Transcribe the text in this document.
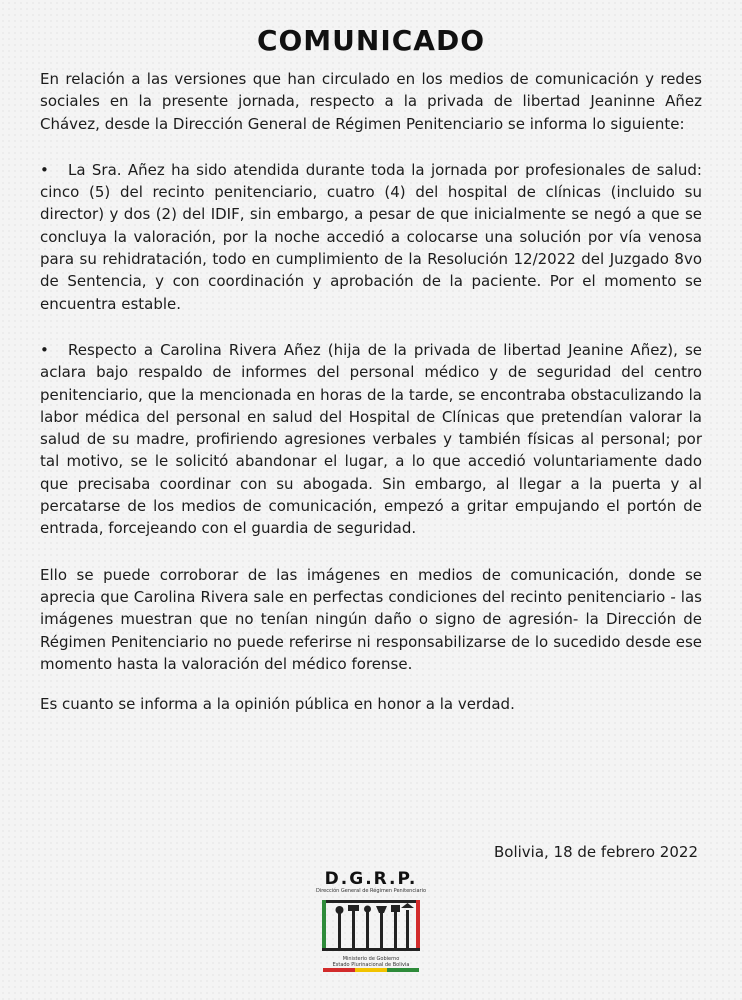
COMUNICADO

En relación a las versiones que han circulado en los medios de comunicación y redes sociales en la presente jornada, respecto a la privada de libertad Jeaninne Añez Chávez, desde la Dirección General de Régimen Penitenciario se informa lo siguiente:

• La Sra. Añez ha sido atendida durante toda la jornada por profesionales de salud: cinco (5) del recinto penitenciario, cuatro (4) del hospital de clínicas (incluido su director) y dos (2) del IDIF, sin embargo, a pesar de que inicialmente se negó a que se concluya la valoración, por la noche accedió a colocarse una solución por vía venosa para su rehidratación, todo en cumplimiento de la Resolución 12/2022 del Juzgado 8vo de Sentencia, y con coordinación y aprobación de la paciente. Por el momento se encuentra estable.

• Respecto a Carolina Rivera Añez (hija de la privada de libertad Jeanine Añez), se aclara bajo respaldo de informes del personal médico y de seguridad del centro penitenciario, que la mencionada en horas de la tarde, se encontraba obstaculizando la labor médica del personal en salud del Hospital de Clínicas que pretendían valorar la salud de su madre, profiriendo agresiones verbales y también físicas al personal; por tal motivo, se le solicitó abandonar el lugar, a lo que accedió voluntariamente dado que precisaba coordinar con su abogada. Sin embargo, al llegar a la puerta y al percatarse de los medios de comunicación, empezó a gritar empujando el portón de entrada, forcejeando con el guardia de seguridad.

Ello se puede corroborar de las imágenes en medios de comunicación, donde se aprecia que Carolina Rivera sale en perfectas condiciones del recinto penitenciario - las imágenes muestran que no tenían ningún daño o signo de agresión- la Dirección de Régimen Penitenciario no puede referirse ni responsabilizarse de lo sucedido desde ese momento hasta la valoración del médico forense.

Es cuanto se informa a la opinión pública en honor a la verdad.

Bolivia, 18 de febrero 2022
D.G.R.P.
Dirección General de Régimen Penitenciario
Ministerio de Gobierno
Estado Plurinacional de Bolivia
